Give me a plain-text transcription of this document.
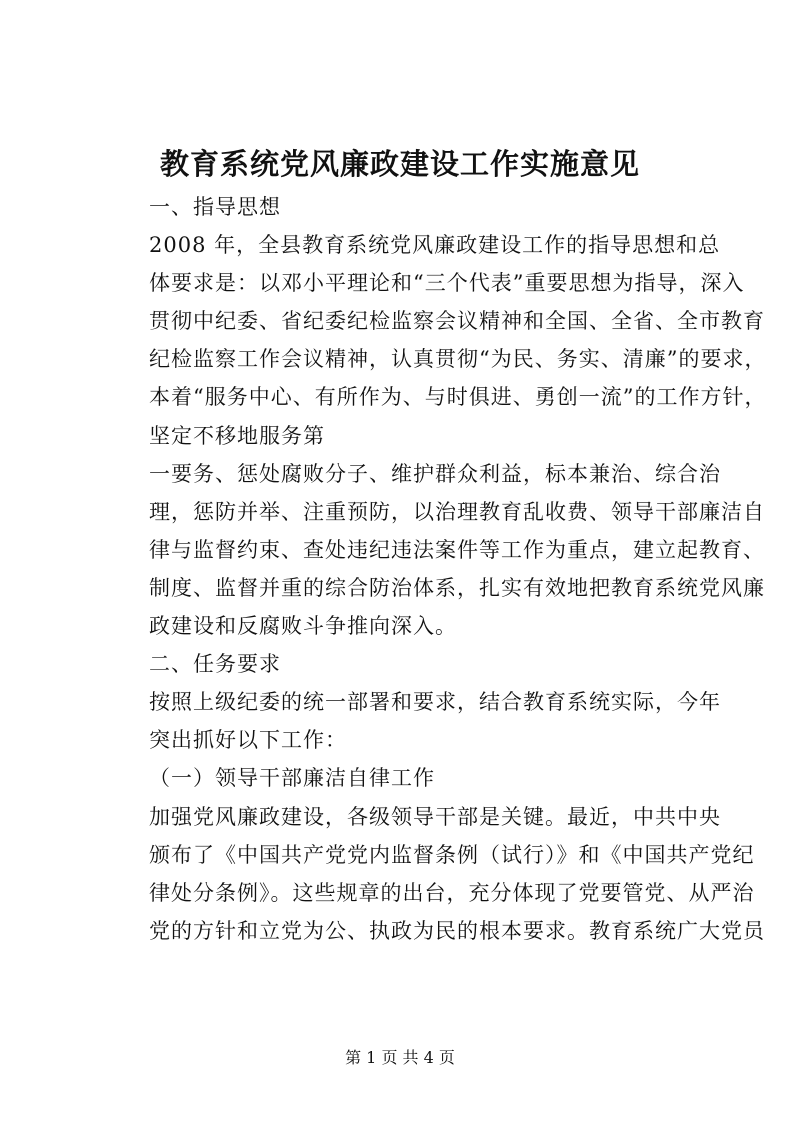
教育系统党风廉政建设工作实施意见

一、指导思想

2008 年，全县教育系统党风廉政建设工作的指导思想和总
体要求是：以邓小平理论和“三个代表”重要思想为指导，深入
贯彻中纪委、省纪委纪检监察会议精神和全国、全省、全市教育
纪检监察工作会议精神，认真贯彻“为民、务实、清廉”的要求，
本着“服务中心、有所作为、与时俱进、勇创一流”的工作方针，
坚定不移地服务第
一要务、惩处腐败分子、维护群众利益，标本兼治、综合治
理，惩防并举、注重预防，以治理教育乱收费、领导干部廉洁自
律与监督约束、查处违纪违法案件等工作为重点，建立起教育、
制度、监督并重的综合防治体系，扎实有效地把教育系统党风廉
政建设和反腐败斗争推向深入。

二、任务要求

按照上级纪委的统一部署和要求，结合教育系统实际，今年
突出抓好以下工作：

（一）领导干部廉洁自律工作

加强党风廉政建设，各级领导干部是关键。最近，中共中央
颁布了《中国共产党党内监督条例（试行）》和《中国共产党纪
律处分条例》。这些规章的出台，充分体现了党要管党、从严治
党的方针和立党为公、执政为民的根本要求。教育系统广大党员
第 1 页 共 4 页
